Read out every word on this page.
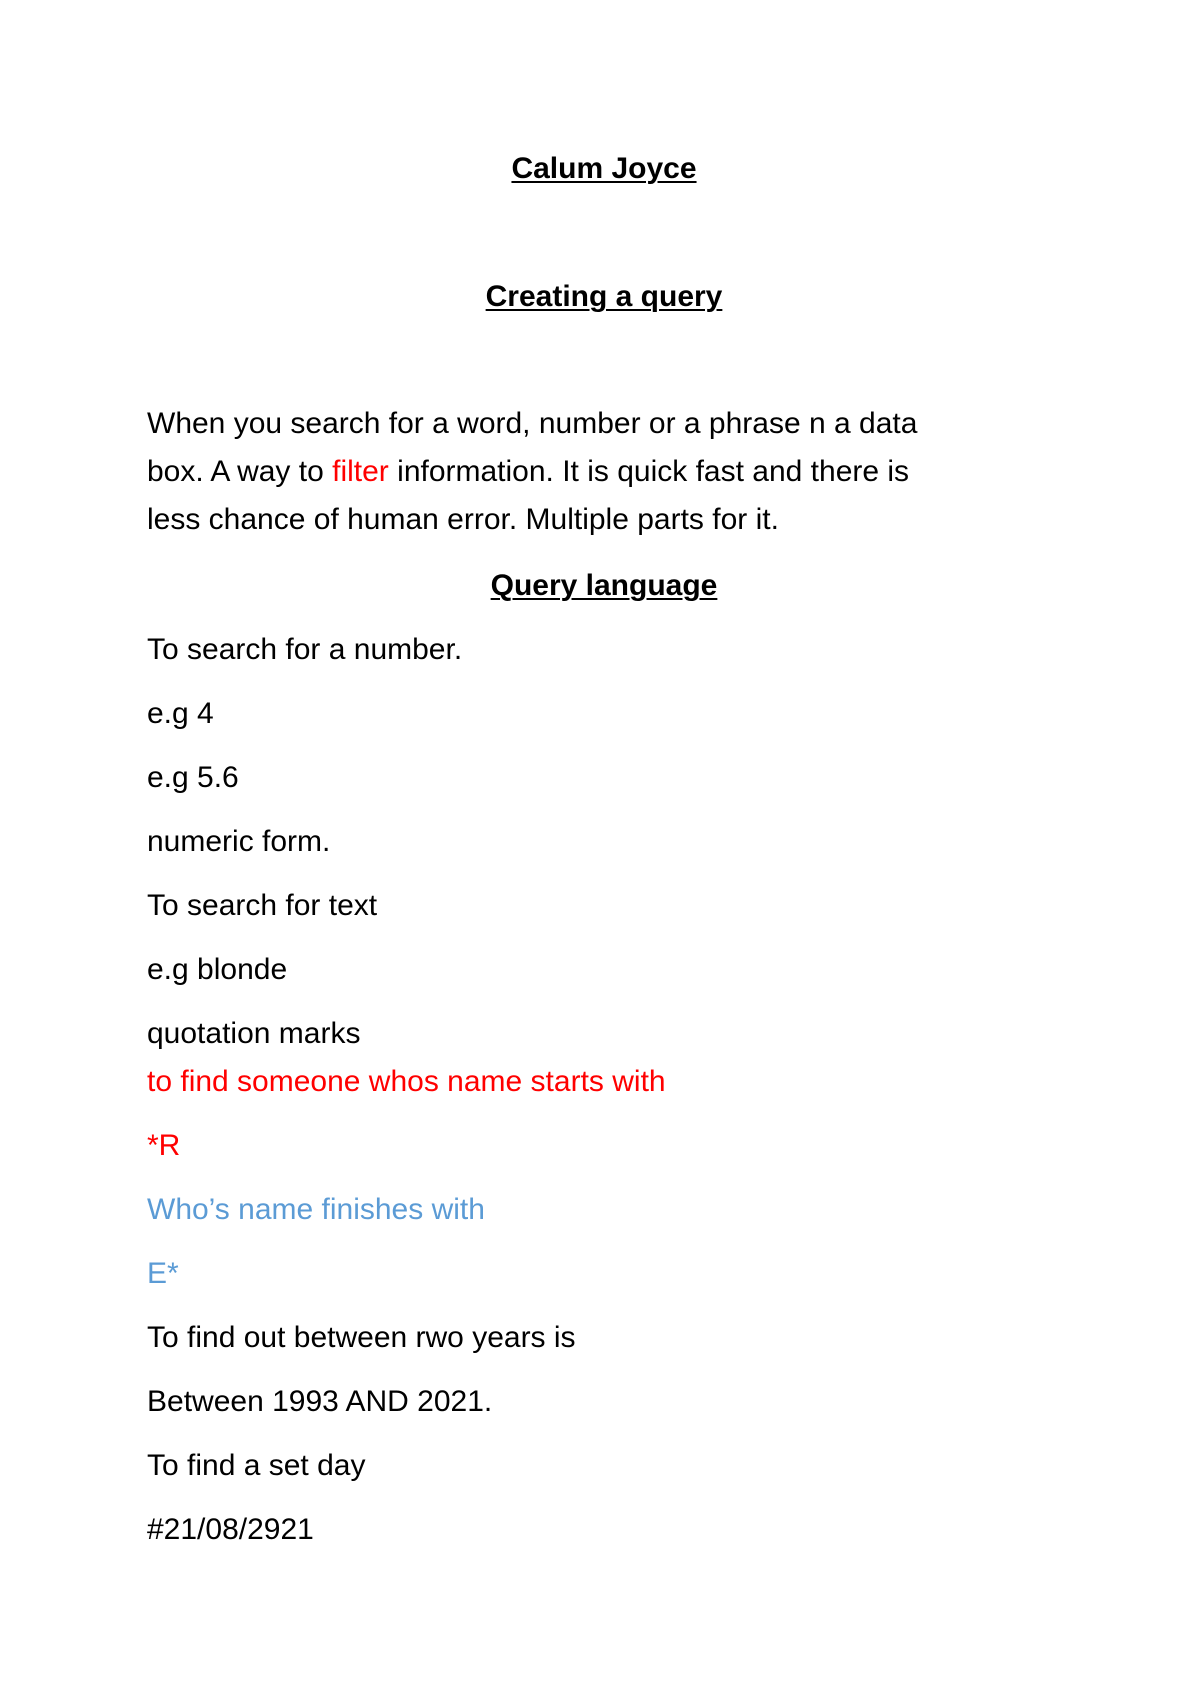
Calum Joyce
Creating a query
When you search for a word, number or a phrase n a data
box. A way to filter information. It is quick fast and there is
less chance of human error. Multiple parts for it.
Query language
To search for a number.
e.g 4
e.g 5.6
numeric form.
To search for text
e.g blonde
quotation marks
to find someone whos name starts with
*R
Who’s name finishes with
E*
To find out between rwo years is
Between 1993 AND 2021.
To find a set day
#21/08/2921
